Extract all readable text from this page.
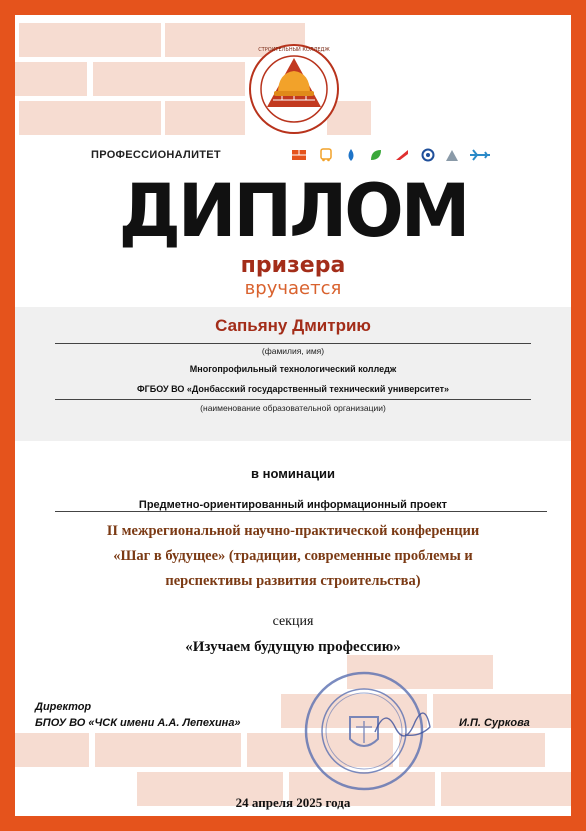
СТРОИТЕЛЬНЫЙ КОЛЛЕДЖ
ПРОФЕССИОНАЛИТЕТ
ДИПЛОМ
призера
вручается
Сапьяну Дмитрию
(фамилия, имя)
Многопрофильный технологический колледж
ФГБОУ ВО «Донбасский государственный технический университет»
(наименование образовательной организации)
в номинации
Предметно-ориентированный информационный проект
II межрегиональной научно-практической конференции
«Шаг в будущее» (традиции, современные проблемы и
перспективы развития строительства)
секция
«Изучаем будущую профессию»
Директор
БПОУ ВО «ЧСК имени А.А. Лепехина»	И.П. Суркова
24 апреля 2025 года
